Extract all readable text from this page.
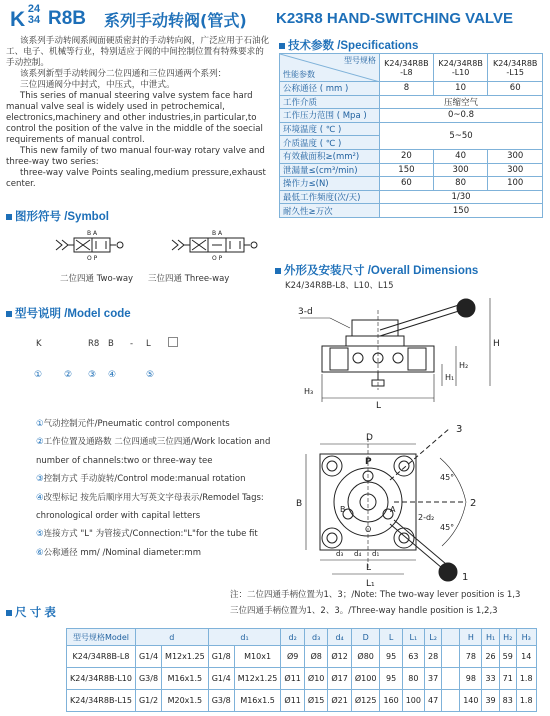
K 24
34 R8B 系列手动转阀(管式) K23R8 HAND-SWITCHING VALVE

该系列手动转阀系阀面硬质密封的手动转向阀，广泛应用于石油化工、电子、机械等行业，特别适应于阀的中间控制位置有特殊要求的手动控制。

该系列新型手动转阀分二位四通和三位四通两个系列：

三位四通阀分中封式，中压式，中泄式。

This series of manual steering valve system face hard manual valve seal is widely used in petrochemical, electronics,machinery and other industries,in particular,to control the position of the valve in the middle of the soecial requirements of manual control.

This new family of two manual four-way rotary valve and three-way two series:

three-way valve Points sealing,medium pressure,exhaust center.

技术参数 /Specifications
型号规格
性能参数	K24/34R8B -L8	K24/34R8B -L10	K24/34R8B -L15
公称通径 ( mm )	8	10	60
工作介质	压缩空气		
工作压力范围 ( Mpa )	0~0.8		
环境温度 ( ℃ )	5~50		
介质温度 ( ℃ )			
有效截面积≥(mm²)	20	40	300
泄漏量≤(cm³/min)	150	300	300
操作力≤(N)	60	80	100
最低工作频度(次/天)	1/30		
耐久性≥万次	150		
图形符号 /Symbol
B A
O P
B A
O P
二位四通 Two-way 三位四通 Three-way
型号说明 /Model code
K	R8 B - L
① ② ③ ④	⑤
①气动控制元件/Pneumatic control components
②工作位置及通路数 二位四通或三位四通/Work location and
number of channels:two or three-way tee
③控制方式 手动旋转/Control mode:manual rotation
④改型标记 按先后顺序用大写英文字母表示/Remodel Tags:
chronological order with capital letters
⑤连接方式 "L" 为管接式/Connection:"L"for the tube fit
⑥公称通径 mm/ /Nominal diameter:mm
外形及安装尺寸 /Overall Dimensions
K24/34R8B-L8、L10、L15
3-d
H
H₂
H₁
H₃
L
D
P
B
B	A
O
3
2
1
45°
45°
2-d₂
L
L₁
d₃ d₄ d₁
注：二位四通手柄位置为1、3；/Note: The two-way lever position is 1,3
三位四通手柄位置为1、2、3。/Three-way handle position is 1,2,3
尺 寸 表
型号规格Model	d		d₁		d₂	d₃	d₄	D	L	L₁	L₂		H	H₁	H₂	H₃
K24/34R8B-L8	G1/4	M12x1.25	G1/8	M10x1	Ø9	Ø8	Ø12	Ø80	95	63	28		78	26	59	14
K24/34R8B-L10	G3/8	M16x1.5	G1/4	M12x1.25	Ø11	Ø10	Ø17	Ø100	95	80	37		98	33	71	1.8
K24/34R8B-L15	G1/2	M20x1.5	G3/8	M16x1.5	Ø11	Ø15	Ø21	Ø125	160	100	47		140	39	83	1.8
